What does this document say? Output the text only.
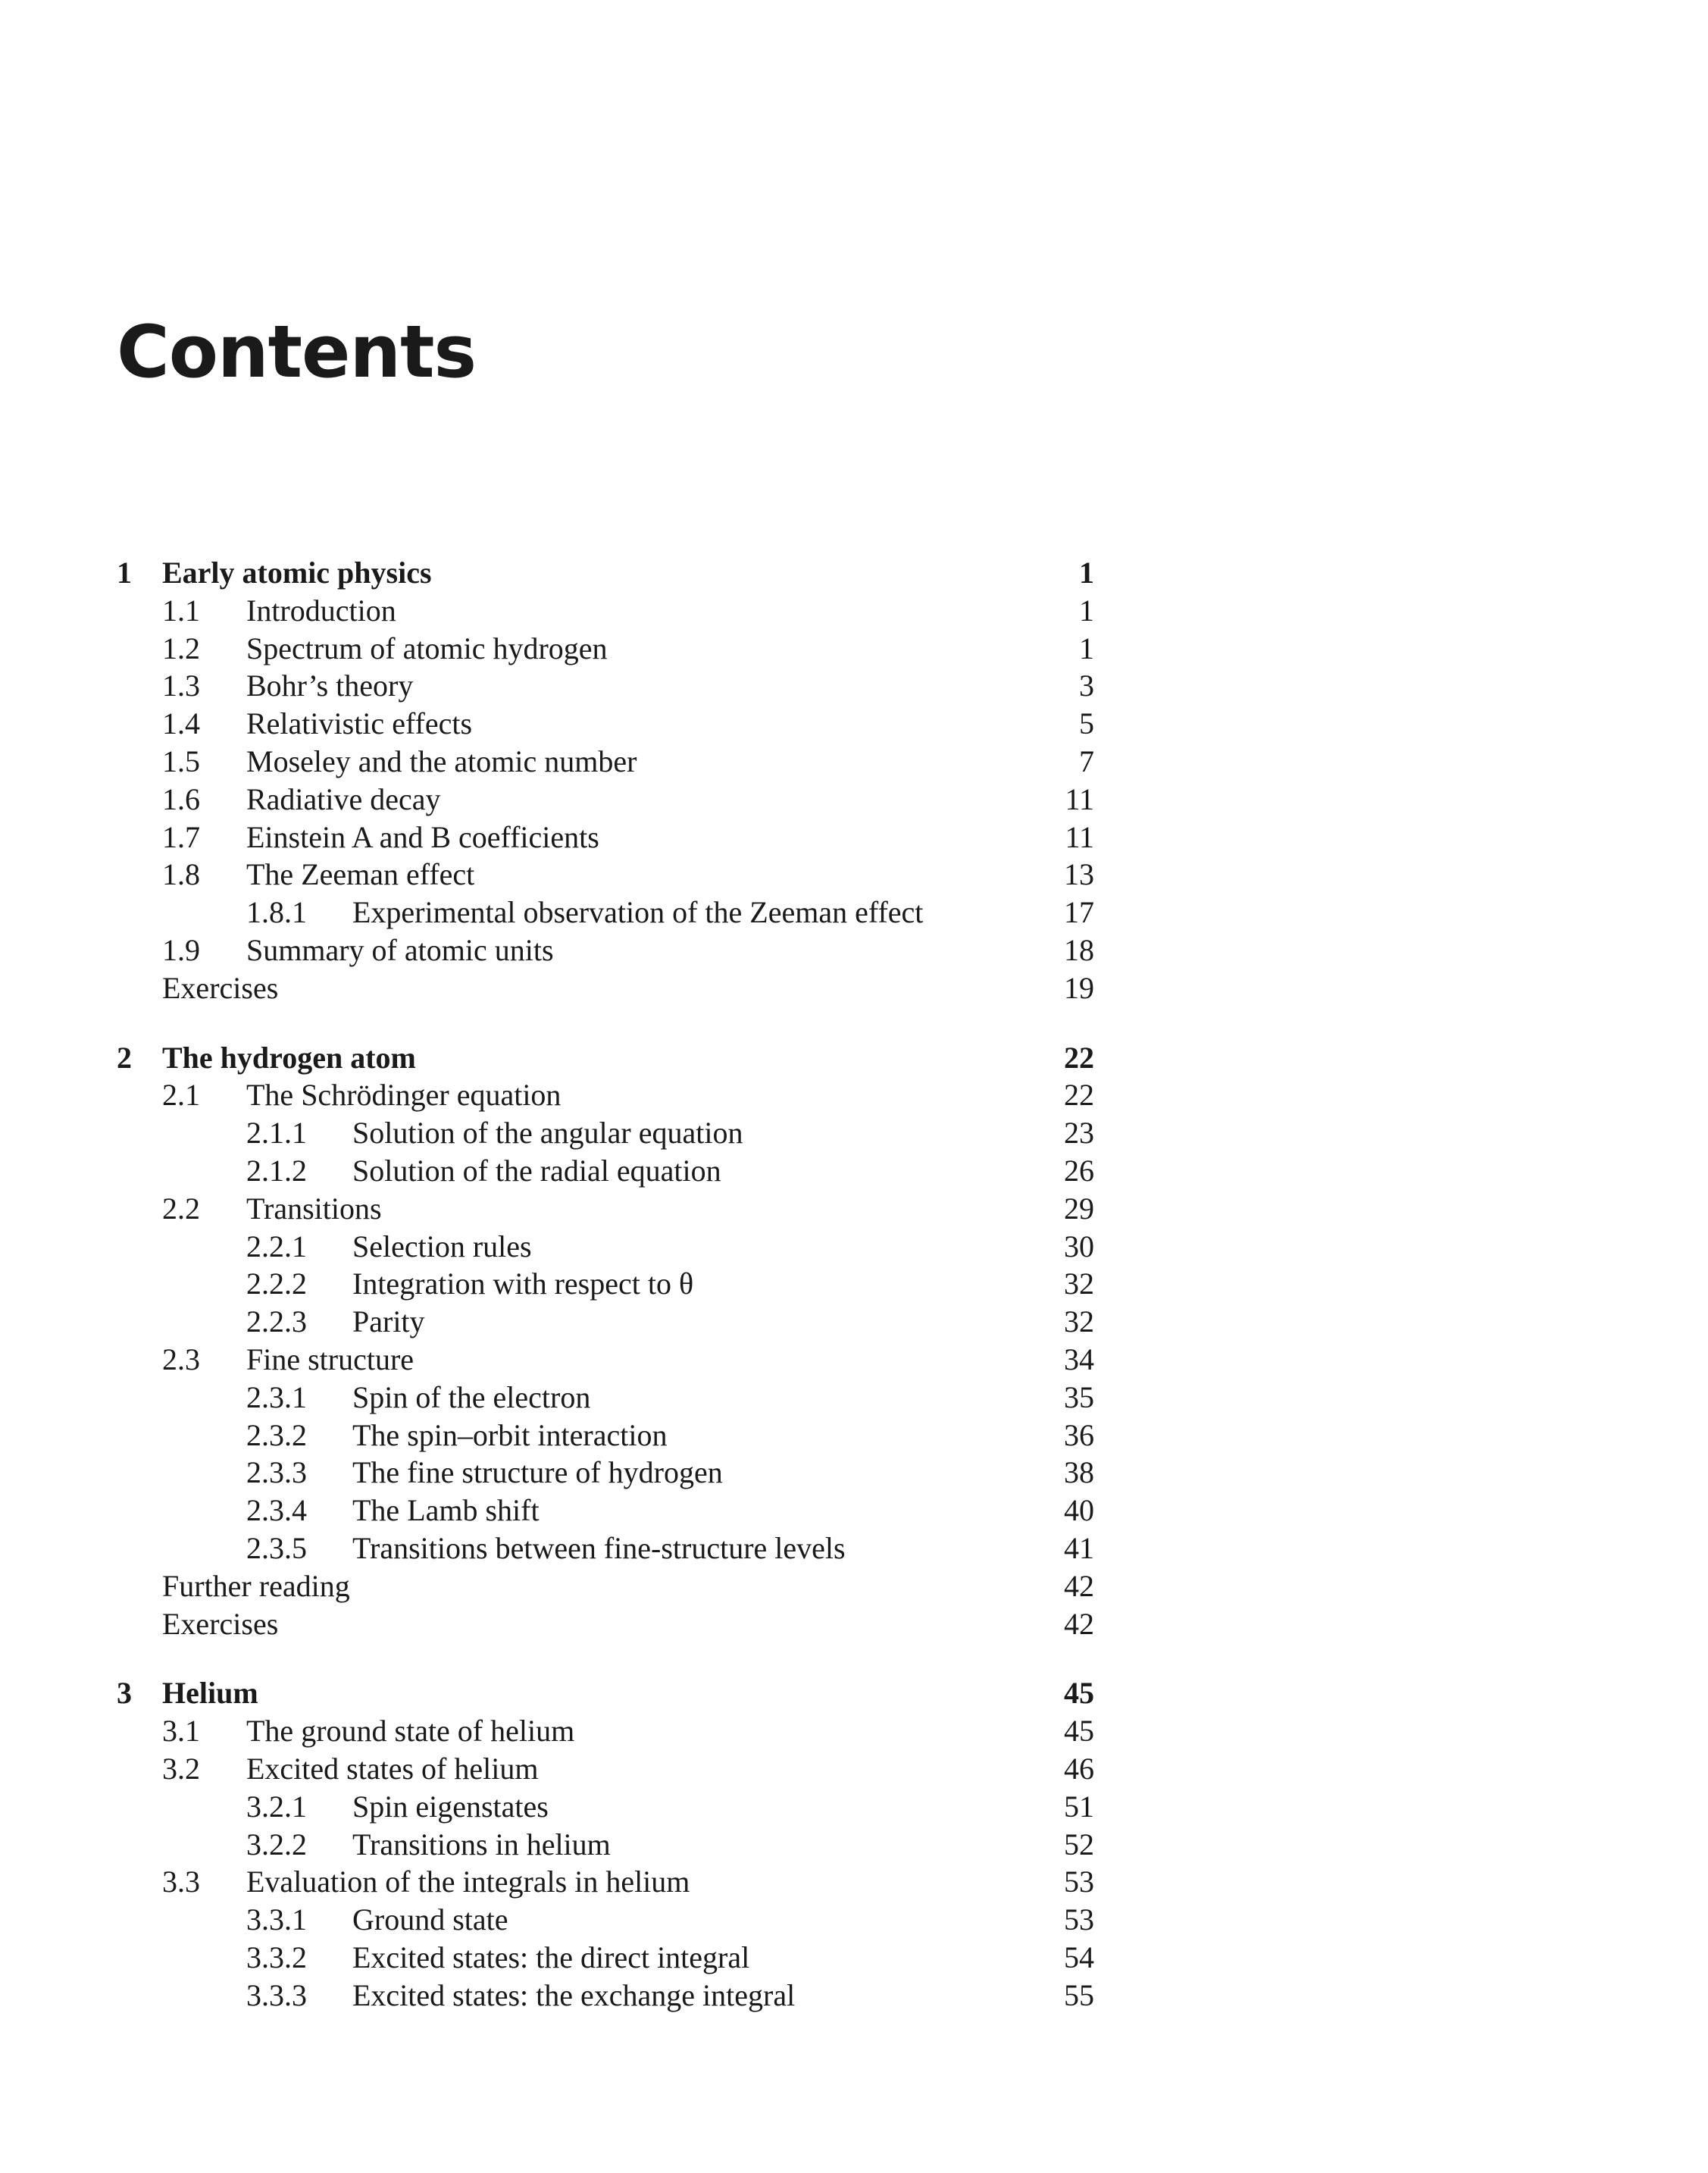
Contents
1 Early atomic physics	1
1.1 Introduction	1
1.2 Spectrum of atomic hydrogen	1
1.3 Bohr’s theory	3
1.4 Relativistic effects	5
1.5 Moseley and the atomic number	7
1.6 Radiative decay	11
1.7 Einstein A and B coefficients	11
1.8 The Zeeman effect	13
1.8.1 Experimental observation of the Zeeman effect	17
1.9 Summary of atomic units	18
Exercises	19
2 The hydrogen atom	22
2.1 The Schrödinger equation	22
2.1.1 Solution of the angular equation	23
2.1.2 Solution of the radial equation	26
2.2 Transitions	29
2.2.1 Selection rules	30
2.2.2 Integration with respect to θ	32
2.2.3 Parity	32
2.3 Fine structure	34
2.3.1 Spin of the electron	35
2.3.2 The spin–orbit interaction	36
2.3.3 The fine structure of hydrogen	38
2.3.4 The Lamb shift	40
2.3.5 Transitions between fine-structure levels	41
Further reading	42
Exercises	42
3 Helium	45
3.1 The ground state of helium	45
3.2 Excited states of helium	46
3.2.1 Spin eigenstates	51
3.2.2 Transitions in helium	52
3.3 Evaluation of the integrals in helium	53
3.3.1 Ground state	53
3.3.2 Excited states: the direct integral	54
3.3.3 Excited states: the exchange integral	55
